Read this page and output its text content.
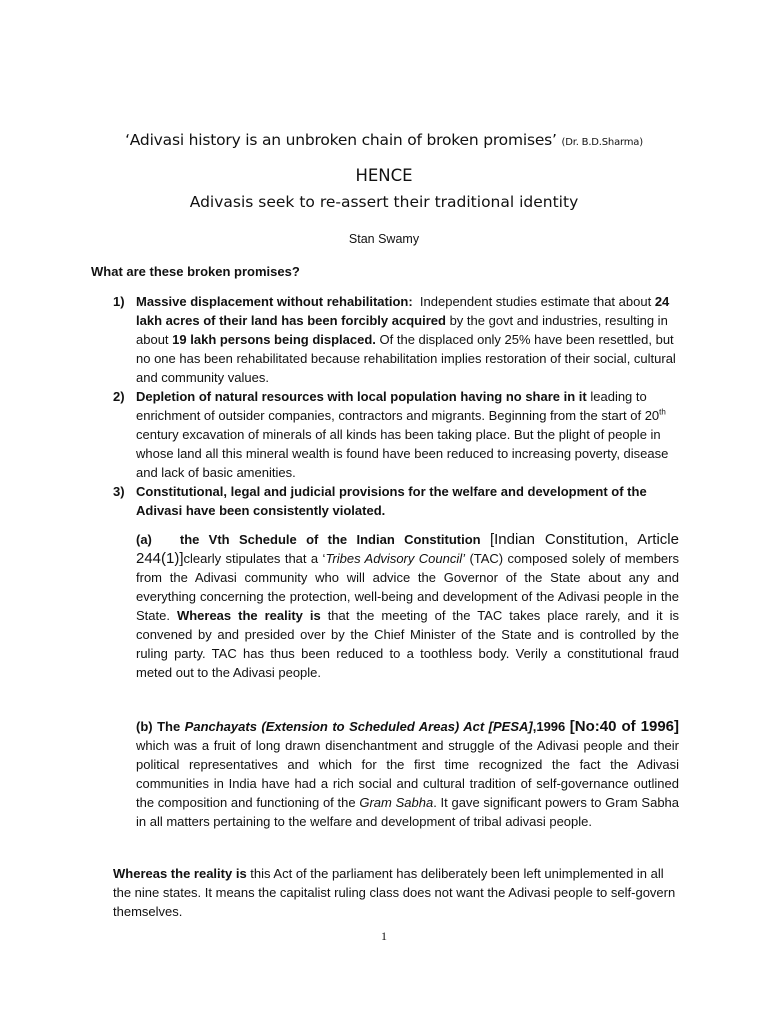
‘Adivasi history is an unbroken chain of broken promises’ (Dr. B.D.Sharma)
HENCE
Adivasis seek to re-assert their traditional identity
Stan Swamy
What are these broken promises?
1) Massive displacement without rehabilitation: Independent studies estimate that about 24 lakh acres of their land has been forcibly acquired by the govt and industries, resulting in about 19 lakh persons being displaced. Of the displaced only 25% have been resettled, but no one has been rehabilitated because rehabilitation implies restoration of their social, cultural and community values.
2) Depletion of natural resources with local population having no share in it leading to enrichment of outsider companies, contractors and migrants. Beginning from the start of 20th century excavation of minerals of all kinds has been taking place. But the plight of people in whose land all this mineral wealth is found have been reduced to increasing poverty, disease and lack of basic amenities.
3) Constitutional, legal and judicial provisions for the welfare and development of the Adivasi have been consistently violated.
(a) the Vth Schedule of the Indian Constitution [Indian Constitution, Article 244(1)]clearly stipulates that a ‘Tribes Advisory Council’ (TAC) composed solely of members from the Adivasi community who will advice the Governor of the State about any and everything concerning the protection, well-being and development of the Adivasi people in the State. Whereas the reality is that the meeting of the TAC takes place rarely, and it is convened by and presided over by the Chief Minister of the State and is controlled by the ruling party. TAC has thus been reduced to a toothless body. Verily a constitutional fraud meted out to the Adivasi people.
(b) The Panchayats (Extension to Scheduled Areas) Act [PESA],1996 [No:40 of 1996] which was a fruit of long drawn disenchantment and struggle of the Adivasi people and their political representatives and which for the first time recognized the fact the Adivasi communities in India have had a rich social and cultural tradition of self-governance outlined the composition and functioning of the Gram Sabha. It gave significant powers to Gram Sabha in all matters pertaining to the welfare and development of tribal adivasi people.
Whereas the reality is this Act of the parliament has deliberately been left unimplemented in all the nine states. It means the capitalist ruling class does not want the Adivasi people to self-govern themselves.
1
